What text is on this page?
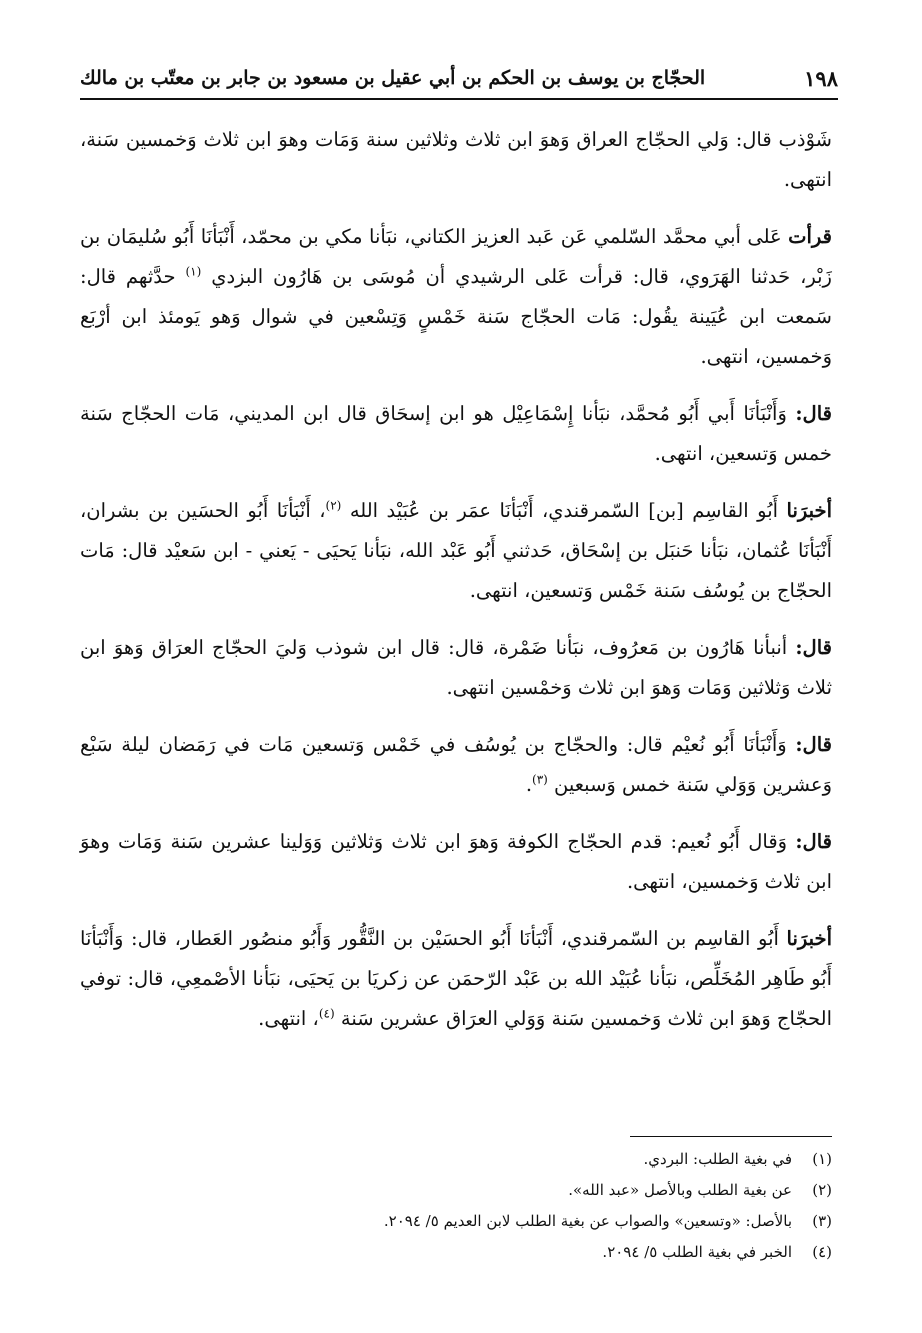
١٩٨
الحجّاج بن يوسف بن الحكم بن أبي عقيل بن مسعود بن جابر بن معتّب بن مالك

شَوْذب قال: وَلي الحجّاج العراق وَهوَ ابن ثلاث وثلاثين سنة وَمَات وهوَ ابن ثلاث وَخمسين سَنة، انتهى.

قرأت عَلى أبي محمَّد السّلمي عَن عَبد العزيز الكتاني، نبَأنا مكي بن محمّد، أَنْبَأنَا أَبُو سُليمَان بن زَبْر، حَدثنا الهَرَوي، قال: قرأت عَلى الرشيدي أن مُوسَى بن هَارُون البزدي $^{(١)}$ حدَّثهم قال: سَمعت ابن عُيَينة يقُول: مَات الحجّاج سَنة خَمْسٍ وَتِسْعين في شوال وَهو يَومئذ ابن أرْبَع وَخمسين، انتهى.

قال: وَأَنْبَأنَا أَبي أَبُو مُحمَّد، نبَأنا إِسْمَاعِيْل هو ابن إسحَاق قال ابن المديني، مَات الحجّاج سَنة خمس وَتسعين، انتهى.

أخبرَنا أَبُو القاسِم [بن] السّمرقندي، أَنْبَأنَا عمَر بن عُبَيْد الله $^{(٢)}$، أَنْبَأنَا أَبُو الحسَين بن بشران، أَنْبَأنَا عُثمان، نبَأنا حَنبَل بن إسْحَاق، حَدثني أَبُو عَبْد الله، نبَأنا يَحيَى - يَعني - ابن سَعيْد قال: مَات الحجّاج بن يُوسُف سَنة خَمْس وَتسعين، انتهى.

قال: أنبأنا هَارُون بن مَعرُوف، نبَأنا ضَمْرة، قال: قال ابن شوذب وَليَ الحجّاج العرَاق وَهوَ ابن ثلاث وَثلاثين وَمَات وَهوَ ابن ثلاث وَخمْسين انتهى.

قال: وَأَنْبَأنَا أَبُو نُعيْم قال: والحجّاج بن يُوسُف في خَمْس وَتسعين مَات في رَمَضان ليلة سَبْع وَعشرين وَوَلي سَنة خمس وَسبعين $^{(٣)}$.

قال: وَقال أَبُو نُعيم: قدم الحجّاج الكوفة وَهوَ ابن ثلاث وَثلاثين وَوَلينا عشرين سَنة وَمَات وهوَ ابن ثلاث وَخمسين، انتهى.

أخبرَنا أَبُو القاسِم بن السّمرقندي، أَنْبَأنَا أَبُو الحسَيْن بن النَّقُّور وَأَبُو منصُور العَطار، قال: وَأَنْبَأنَا أَبُو طَاهِر المُخَلِّص، نبَأنا عُبَيْد الله بن عَبْد الرّحمَن عن زكريَا بن يَحيَى، نبَأنا الأصْمعِي، قال: توفي الحجّاج وَهوَ ابن ثلاث وَخمسين سَنة وَوَلي العرَاق عشرين سَنة $^{(٤)}$، انتهى.

(١)
في بغية الطلب: البردي.
(٢)
عن بغية الطلب وبالأصل «عبد الله».
(٣)
بالأصل: «وتسعين» والصواب عن بغية الطلب لابن العديم ٥/ ٢٠٩٤.
(٤)
الخبر في بغية الطلب ٥/ ٢٠٩٤.
